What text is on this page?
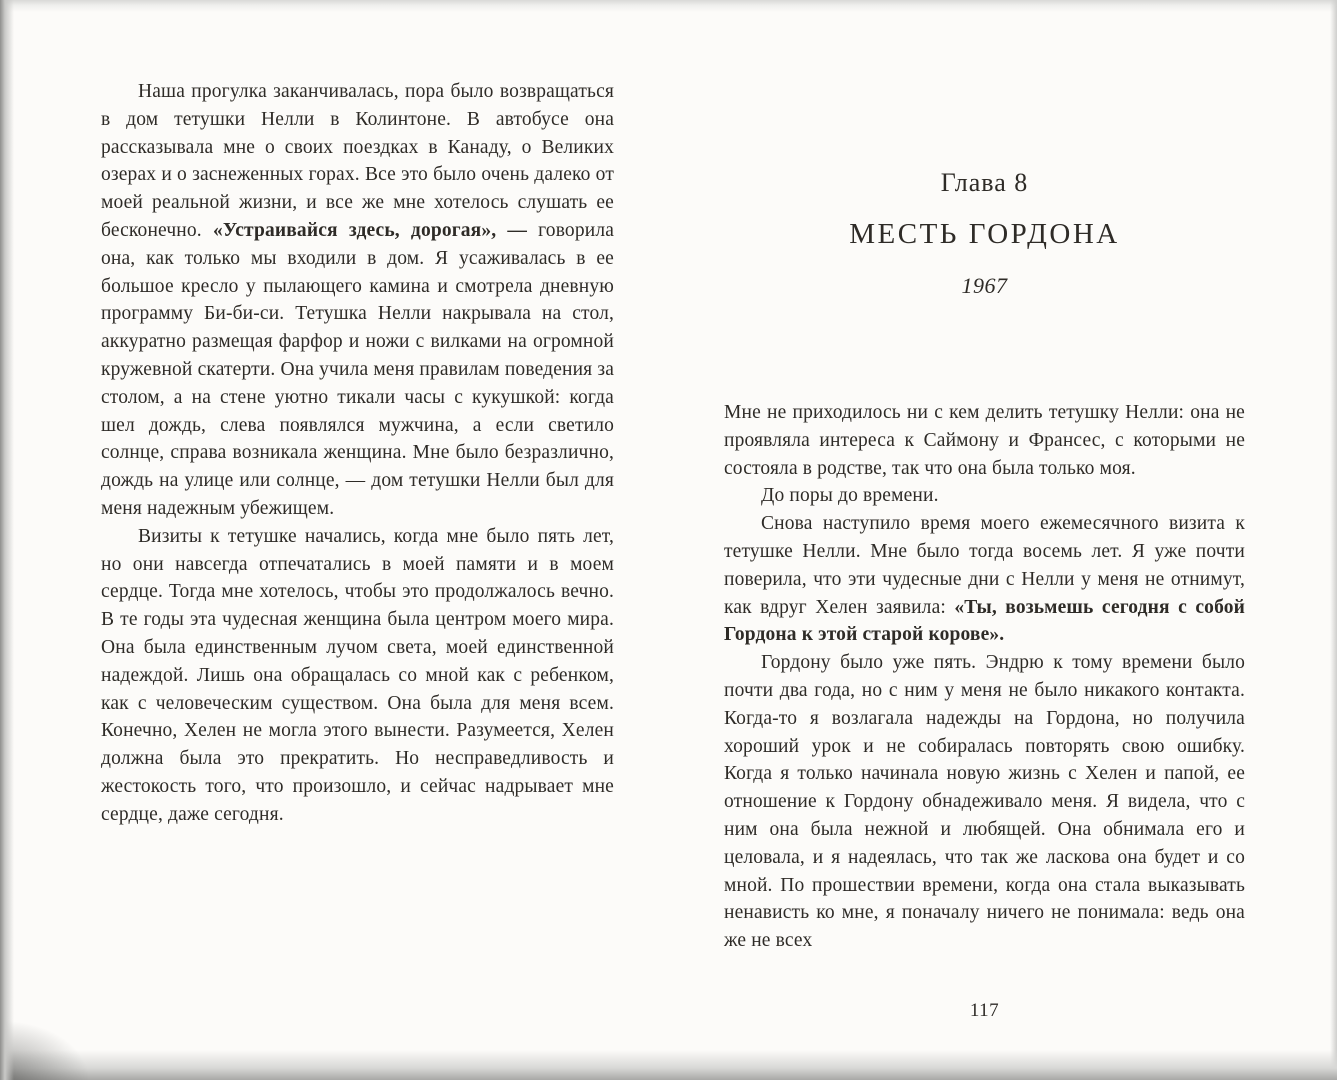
Наша прогулка заканчивалась, пора было возвращаться в дом тетушки Нелли в Колинтоне. В автобусе она рассказывала мне о своих поездках в Канаду, о Великих озерах и о заснеженных горах. Все это было очень далеко от моей реальной жизни, и все же мне хотелось слушать ее бесконечно. «Устраивайся здесь, дорогая», — говорила она, как только мы входили в дом. Я усаживалась в ее большое кресло у пылающего камина и смотрела дневную программу Би-би-си. Тетушка Нелли накрывала на стол, аккуратно размещая фарфор и ножи с вилками на огромной кружевной скатерти. Она учила меня правилам поведения за столом, а на стене уютно тикали часы с кукушкой: когда шел дождь, слева появлялся мужчина, а если светило солнце, справа возникала женщина. Мне было безразлично, дождь на улице или солнце, — дом тетушки Нелли был для меня надежным убежищем.

Визиты к тетушке начались, когда мне было пять лет, но они навсегда отпечатались в моей памяти и в моем сердце. Тогда мне хотелось, чтобы это продолжалось вечно. В те годы эта чудесная женщина была центром моего мира. Она была единственным лучом света, моей единственной надеждой. Лишь она обращалась со мной как с ребенком, как с человеческим существом. Она была для меня всем. Конечно, Хелен не могла этого вынести. Разумеется, Хелен должна была это прекратить. Но несправедливость и жестокость того, что произошло, и сейчас надрывает мне сердце, даже сегодня.

Глава 8
МЕСТЬ ГОРДОНА
1967

Мне не приходилось ни с кем делить тетушку Нелли: она не проявляла интереса к Саймону и Франсес, с которыми не состояла в родстве, так что она была только моя.

До поры до времени.

Снова наступило время моего ежемесячного визита к тетушке Нелли. Мне было тогда восемь лет. Я уже почти поверила, что эти чудесные дни с Нелли у меня не отнимут, как вдруг Хелен заявила: «Ты, возьмешь сегодня с собой Гордона к этой старой корове».

Гордону было уже пять. Эндрю к тому времени было почти два года, но с ним у меня не было никакого контакта. Когда-то я возлагала надежды на Гордона, но получила хороший урок и не собиралась повторять свою ошибку. Когда я только начинала новую жизнь с Хелен и папой, ее отношение к Гордону обнадеживало меня. Я видела, что с ним она была нежной и любящей. Она обнимала его и целовала, и я надеялась, что так же ласкова она будет и со мной. По прошествии времени, когда она стала выказывать ненависть ко мне, я поначалу ничего не понимала: ведь она же не всех

117
